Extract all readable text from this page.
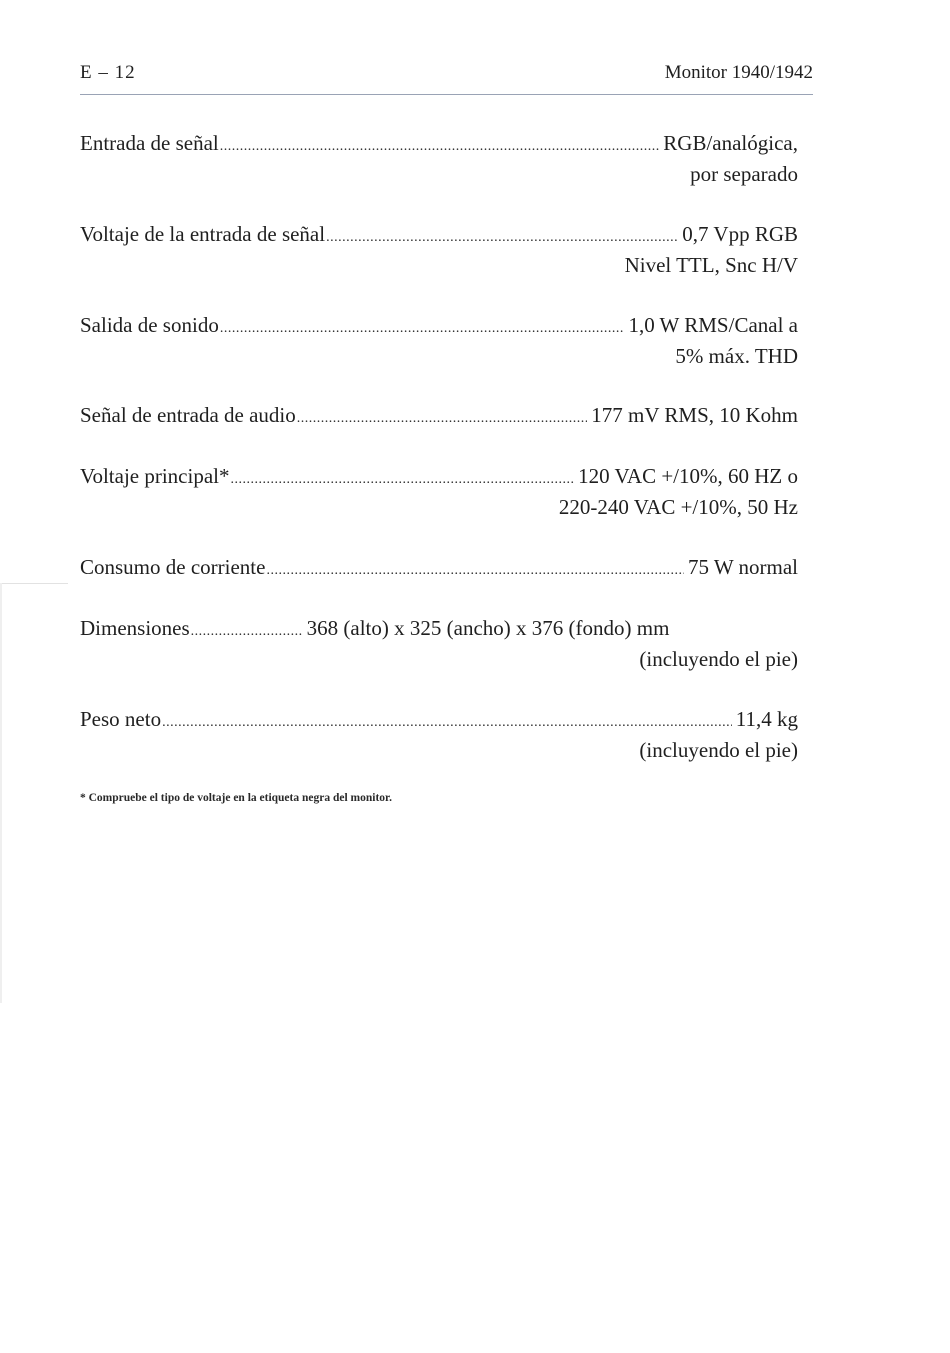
E – 12	Monitor 1940/1942
Entrada de señal .....	RGB/analógica,
por separado
Voltaje de la entrada de señal .....	0,7 Vpp RGB
Nivel TTL, Snc H/V
Salida de sonido .....	1,0 W RMS/Canal a
5% máx. THD
Señal de entrada de audio .....	177 mV RMS, 10 Kohm
Voltaje principal* .....	120 VAC +/10%, 60 HZ o
220-240 VAC +/10%, 50 Hz
Consumo de corriente .....	75 W normal
Dimensiones .....	368 (alto) x 325 (ancho) x 376 (fondo) mm
(incluyendo el pie)
Peso neto .....	11,4 kg
(incluyendo el pie)
* Compruebe el tipo de voltaje en la etiqueta negra del monitor.
